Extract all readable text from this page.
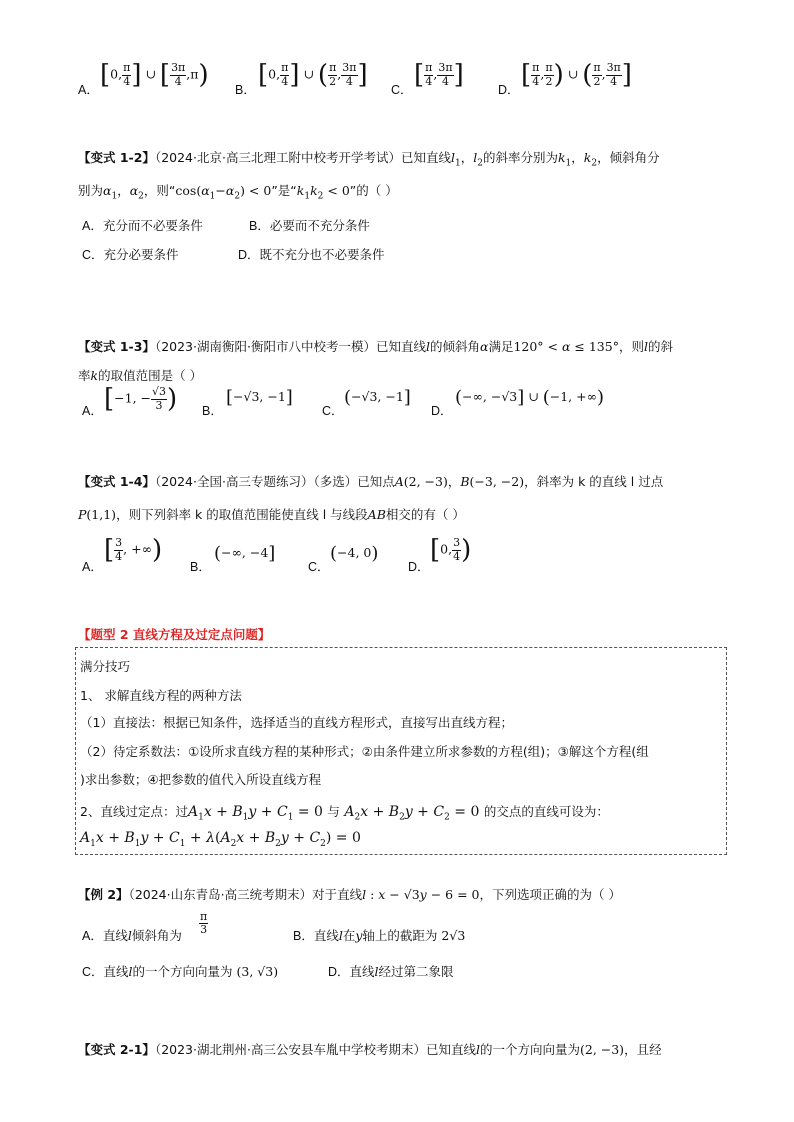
A． [0, $\frac{\pi}{4}$ ] ∪ [ $\frac{3\pi}{4} ,\pi$) B． [0, $\frac{\pi}{4}$ ] ∪ ( $\frac{\pi}{2}$ , $\frac{3\pi}{4}$ ] C． [ $\frac{\pi}{4}$ , $\frac{3\pi}{4}$ ]	D． [ $\frac{\pi}{4}$ , $\frac{\pi}{2}$ ) ∪ ( $\frac{\pi}{2}$ , $\frac{3\pi}{4}$ ]
【变式 1-2】（2024·北京·高三北理工附中校考开学考试）已知直线$l_1$，$l_2$的斜率分别为$k_1$，$k_2$，倾斜角分
别为$\alpha_1$，$\alpha_2$，则“$\cos(\alpha_1-\alpha_2) < 0$”是“$k_1k_2 < 0$”的（ ）
A．充分而不必要条件	B．必要而不充分条件
C．充分必要条件	D．既不充分也不必要条件
【变式 1-3】（2023·湖南衡阳·衡阳市八中校考一模）已知直线l的倾斜角α满足120° < α ≤ 135°，则l的斜
率k的取值范围是（ ）
A． [−1, − $\frac{√3}{3}$ ) B．
[−√3, −1]
C．
(−√3, −1]
D．
(−∞, −√3] ∪ (−1, +∞)
【变式 1-4】（2024·全国·高三专题练习）（多选）已知点A(2, −3)，B(−3, −2)，斜率为 k 的直线 l 过点
P(1,1)，则下列斜率 k 的取值范围能使直线 l 与线段AB相交的有（ ）
A．
[ $\frac{3}{4}$ , +∞)
B．
(−∞, −4]
C．
(−4, 0)
D．
[0, $\frac{3}{4}$ )
【题型 2 直线方程及过定点问题】
满分技巧
1、 求解直线方程的两种方法
（1）直接法：根据已知条件，选择适当的直线方程形式，直接写出直线方程；
（2）待定系数法：①设所求直线方程的某种形式；②由条件建立所求参数的方程(组)；③解这个方程(组
)求出参数；④把参数的值代入所设直线方程
2、直线过定点：过$A_1x + B_1y + C_1 = 0$ 与 $A_2x + B_2y + C_2 = 0$ 的交点的直线可设为：
$A_1x + B_1y + C_1 + \lambda(A_2x + B_2y + C_2) = 0$
【例 2】（2024·山东青岛·高三统考期末）对于直线l : x − √3y − 6 = 0，下列选项正确的为（ ）
A．直线l倾斜角为 $\frac{\pi}{3}$	B．直线l在y轴上的截距为 2√3
C．直线l的一个方向向量为 (3, √3)	D．直线l经过第二象限
【变式 2-1】（2023·湖北荆州·高三公安县车胤中学校考期末）已知直线l的一个方向向量为(2, −3)，且经
